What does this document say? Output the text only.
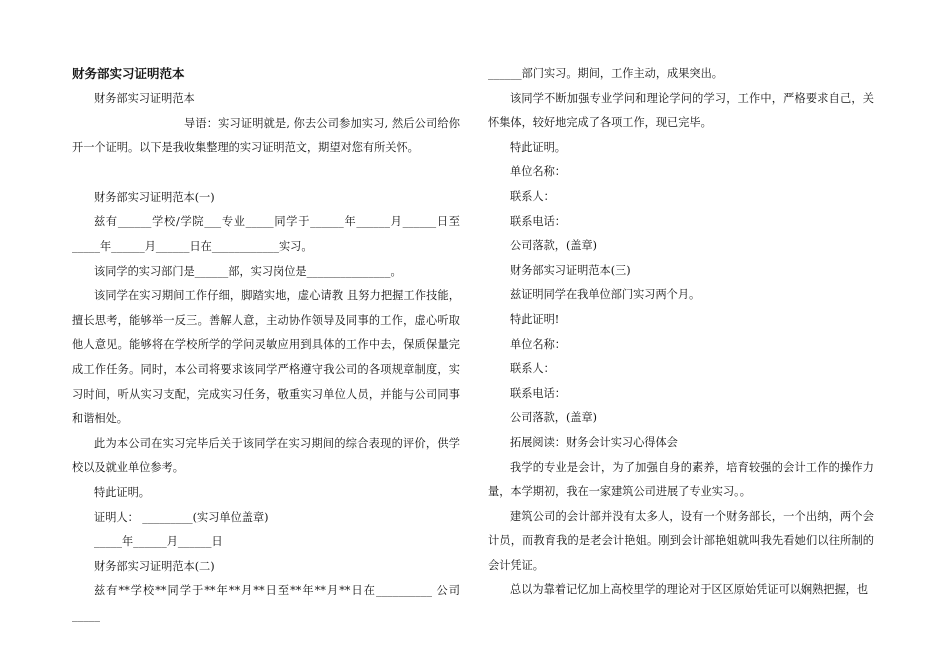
财务部实习证明范本

财务部实习证明范本

导语：实习证明就是, 你去公司参加实习, 然后公司给你开一个证明。以下是我收集整理的实习证明范文，期望对您有所关怀。

财务部实习证明范本(一)

兹有______学校/学院___专业_____同学于______年______月______日至_____年______月______日在____________实习。

该同学的实习部门是______部，实习岗位是_______________。

该同学在实习期间工作仔细，脚踏实地，虚心请教 且努力把握工作技能，擅长思考，能够举一反三。善解人意，主动协作领导及同事的工作，虚心听取他人意见。能够将在学校所学的学问灵敏应用到具体的工作中去，保质保量完成工作任务。同时，本公司将要求该同学严格遵守我公司的各项规章制度，实习时间，听从实习支配，完成实习任务，敬重实习单位人员，并能与公司同事和谐相处。

此为本公司在实习完毕后关于该同学在实习期间的综合表现的评价，供学校以及就业单位参考。

特此证明。

证明人： _________(实习单位盖章)

_____年______月______日

财务部实习证明范本(二)

兹有**学校**同学于**年**月**日至**年**月**日在__________ 公司_____

______部门实习。期间，工作主动，成果突出。

该同学不断加强专业学问和理论学问的学习，工作中，严格要求自己，关怀集体，较好地完成了各项工作，现已完毕。

特此证明。

单位名称：

联系人：

联系电话：

公司落款，(盖章)

财务部实习证明范本(三)

兹证明同学在我单位部门实习两个月。

特此证明!

单位名称：

联系人：

联系电话：

公司落款，(盖章)

拓展阅读：财务会计实习心得体会

我学的专业是会计，为了加强自身的素养，培育较强的会计工作的操作力量，本学期初，我在一家建筑公司进展了专业实习。。

建筑公司的会计部并没有太多人，设有一个财务部长，一个出纳，两个会计员，而教育我的是老会计艳姐。刚到会计部艳姐就叫我先看她们以往所制的会计凭证。

总以为靠着记忆加上高校里学的理论对于区区原始凭证可以娴熟把握，也
